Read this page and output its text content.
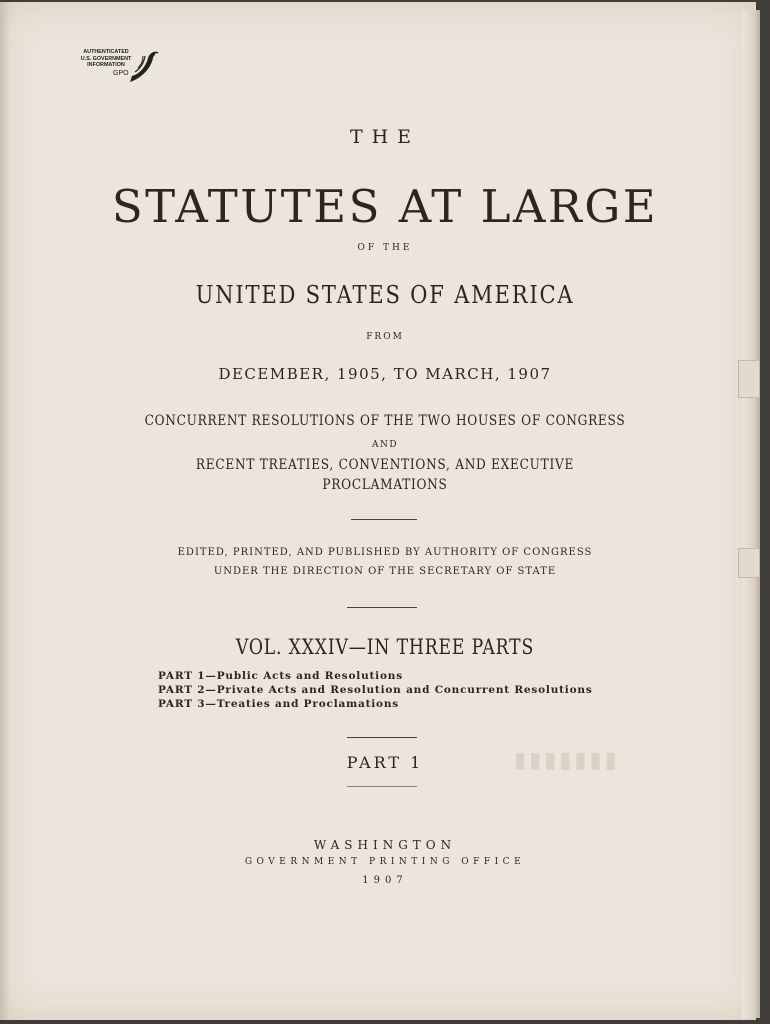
▮▮▮▮▮▮▮
AUTHENTICATED
U.S. GOVERNMENT
INFORMATION
GPO
THE
STATUTES AT LARGE
OF THE
UNITED STATES OF AMERICA
FROM
DECEMBER, 1905, TO MARCH, 1907
CONCURRENT RESOLUTIONS OF THE TWO HOUSES OF CONGRESS
AND
RECENT TREATIES, CONVENTIONS, AND EXECUTIVE
PROCLAMATIONS
EDITED, PRINTED, AND PUBLISHED BY AUTHORITY OF CONGRESS
UNDER THE DIRECTION OF THE SECRETARY OF STATE
VOL. XXXIV—IN THREE PARTS
PART 1—Public Acts and Resolutions
PART 2—Private Acts and Resolution and Concurrent Resolutions
PART 3—Treaties and Proclamations
PART 1
WASHINGTON
GOVERNMENT PRINTING OFFICE
1907
